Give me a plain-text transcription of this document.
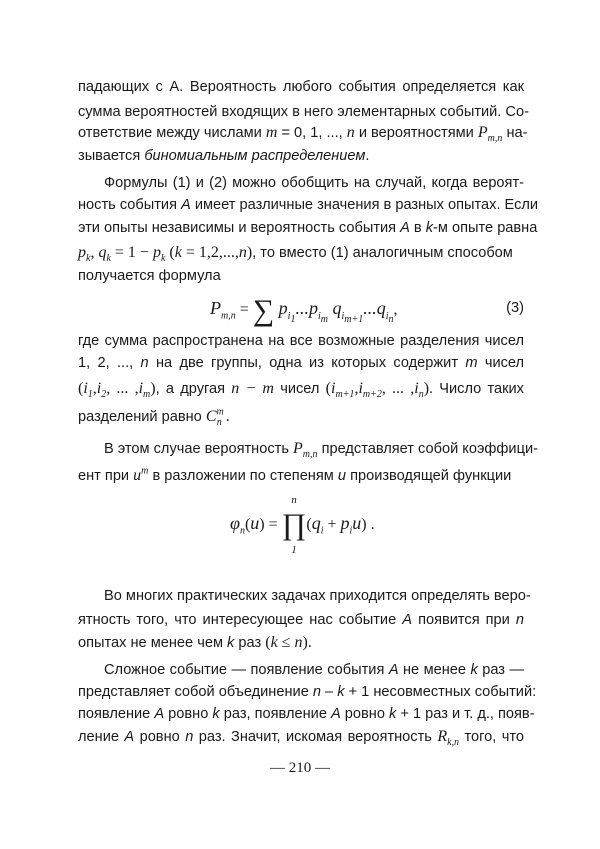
падающих с A. Вероятность любого события определяется как
сумма вероятностей входящих в него элементарных событий. Со-
ответствие между числами m = 0, 1, ..., n и вероятностями $P_{m,n}$ на-
зывается биномиальным распределением.
Формулы (1) и (2) можно обобщить на случай, когда вероят-
ность события A имеет различные значения в разных опытах. Если
эти опыты независимы и вероятность события A в k-м опыте равна
$p_k$, $q_k = 1 - p_k$ (k = 1,2,...,n), то вместо (1) аналогичным способом
получается формула
$P_{m,n}$ = ∑ $p_{i_1}...p_{i_m}$ $q_{i_{m+1}}...q_{i_n}$,	(3)
где сумма распространена на все возможные разделения чисел
1, 2, ..., n на две группы, одна из которых содержит m чисел
($i_1,i_2$, ... $,i_m$), а другая n − m чисел ($i_{m+1},i_{m+2}$, ... $,i_n$). Число таких
разделений равно $C^m_n$ .
В этом случае вероятность $P_{m,n}$ представляет собой коэффици-
ент при $u^m$ в разложении по степеням u производящей функции
$\varphi_n(u)$ =
n
∏
1
$(q_i + p_iu)$ .
Во многих практических задачах приходится определять веро-
ятность того, что интересующее нас событие A появится при n
опытах не менее чем k раз (k ≤ n).
Сложное событие — появление события A не менее k раз —
представляет собой объединение n – k + 1 несовместных событий:
появление A ровно k раз, появление A ровно k + 1 раз и т. д., появ-
ление A ровно n раз. Значит, искомая вероятность $R_{k,n}$ того, что
— 210 —
